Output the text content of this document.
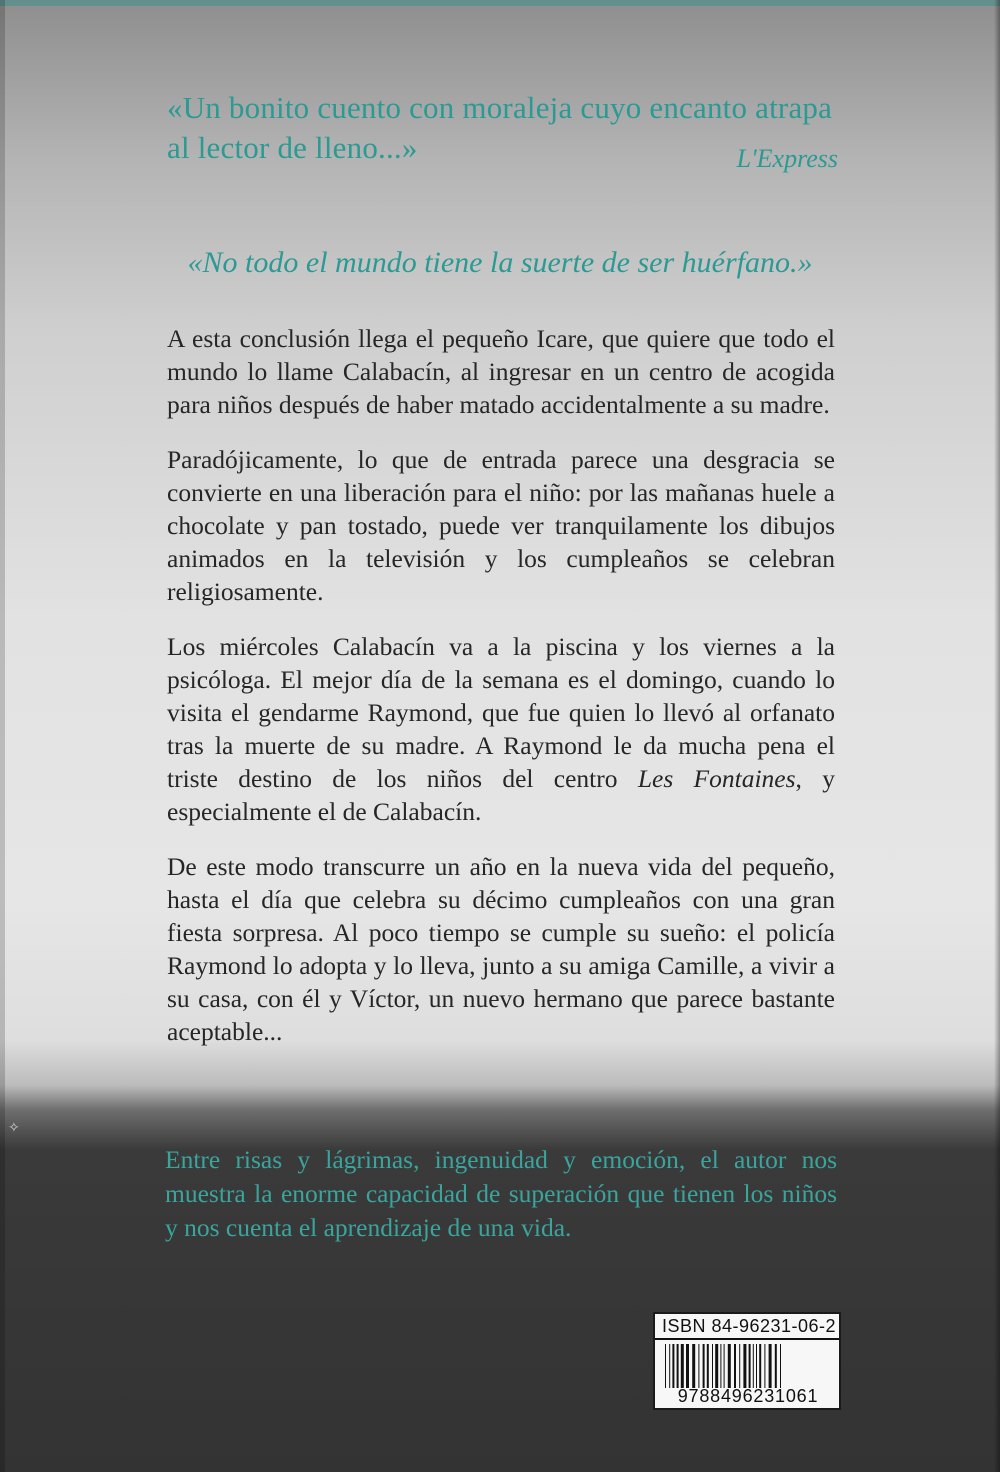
«Un bonito cuento con moraleja cuyo encanto atrapa al lector de lleno...»	L'Express
«No todo el mundo tiene la suerte de ser huérfano.»

A esta conclusión llega el pequeño Icare, que quiere que todo el mundo lo llame Calabacín, al ingresar en un centro de acogida para niños después de haber matado accidentalmente a su madre.

Paradójicamente, lo que de entrada parece una desgracia se convierte en una liberación para el niño: por las mañanas huele a chocolate y pan tostado, puede ver tranquilamente los dibujos animados en la televisión y los cumpleaños se celebran religiosamente.

Los miércoles Calabacín va a la piscina y los viernes a la psicóloga. El mejor día de la semana es el domingo, cuando lo visita el gendarme Raymond, que fue quien lo llevó al orfanato tras la muerte de su madre. A Raymond le da mucha pena el triste destino de los niños del centro Les Fontaines, y especialmente el de Calabacín.

De este modo transcurre un año en la nueva vida del pequeño, hasta el día que celebra su décimo cumpleaños con una gran fiesta sorpresa. Al poco tiempo se cumple su sueño: el policía Raymond lo adopta y lo lleva, junto a su amiga Camille, a vivir a su casa, con él y Víctor, un nuevo hermano que parece bastante aceptable...

✧
Entre risas y lágrimas, ingenuidad y emoción, el autor nos muestra la enorme capacidad de superación que tienen los niños y nos cuenta el aprendizaje de una vida.
ISBN 84-96231-06-2
9788496231061
